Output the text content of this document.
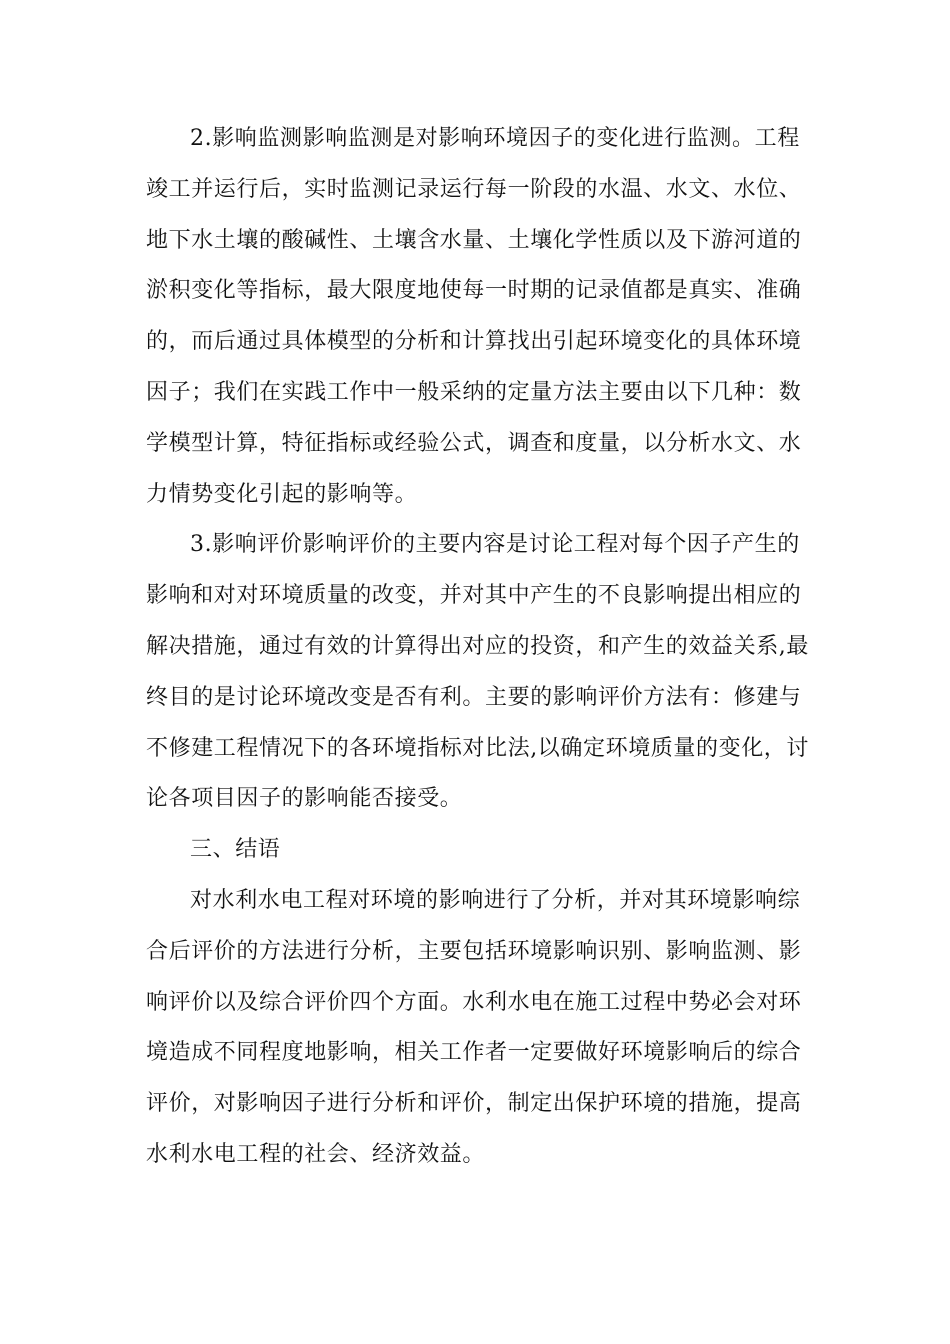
2.影响监测影响监测是对影响环境因子的变化进行监测。工程
竣工并运行后，实时监测记录运行每一阶段的水温、水文、水位、
地下水土壤的酸碱性、土壤含水量、土壤化学性质以及下游河道的
淤积变化等指标，最大限度地使每一时期的记录值都是真实、准确
的，而后通过具体模型的分析和计算找出引起环境变化的具体环境
因子；我们在实践工作中一般采纳的定量方法主要由以下几种：数
学模型计算，特征指标或经验公式，调查和度量，以分析水文、水
力情势变化引起的影响等。
3.影响评价影响评价的主要内容是讨论工程对每个因子产生的
影响和对对环境质量的改变，并对其中产生的不良影响提出相应的
解决措施，通过有效的计算得出对应的投资，和产生的效益关系,最
终目的是讨论环境改变是否有利。主要的影响评价方法有：修建与
不修建工程情况下的各环境指标对比法,以确定环境质量的变化，讨
论各项目因子的影响能否接受。
三、结语
对水利水电工程对环境的影响进行了分析，并对其环境影响综
合后评价的方法进行分析，主要包括环境影响识别、影响监测、影
响评价以及综合评价四个方面。水利水电在施工过程中势必会对环
境造成不同程度地影响，相关工作者一定要做好环境影响后的综合
评价，对影响因子进行分析和评价，制定出保护环境的措施，提高
水利水电工程的社会、经济效益。
